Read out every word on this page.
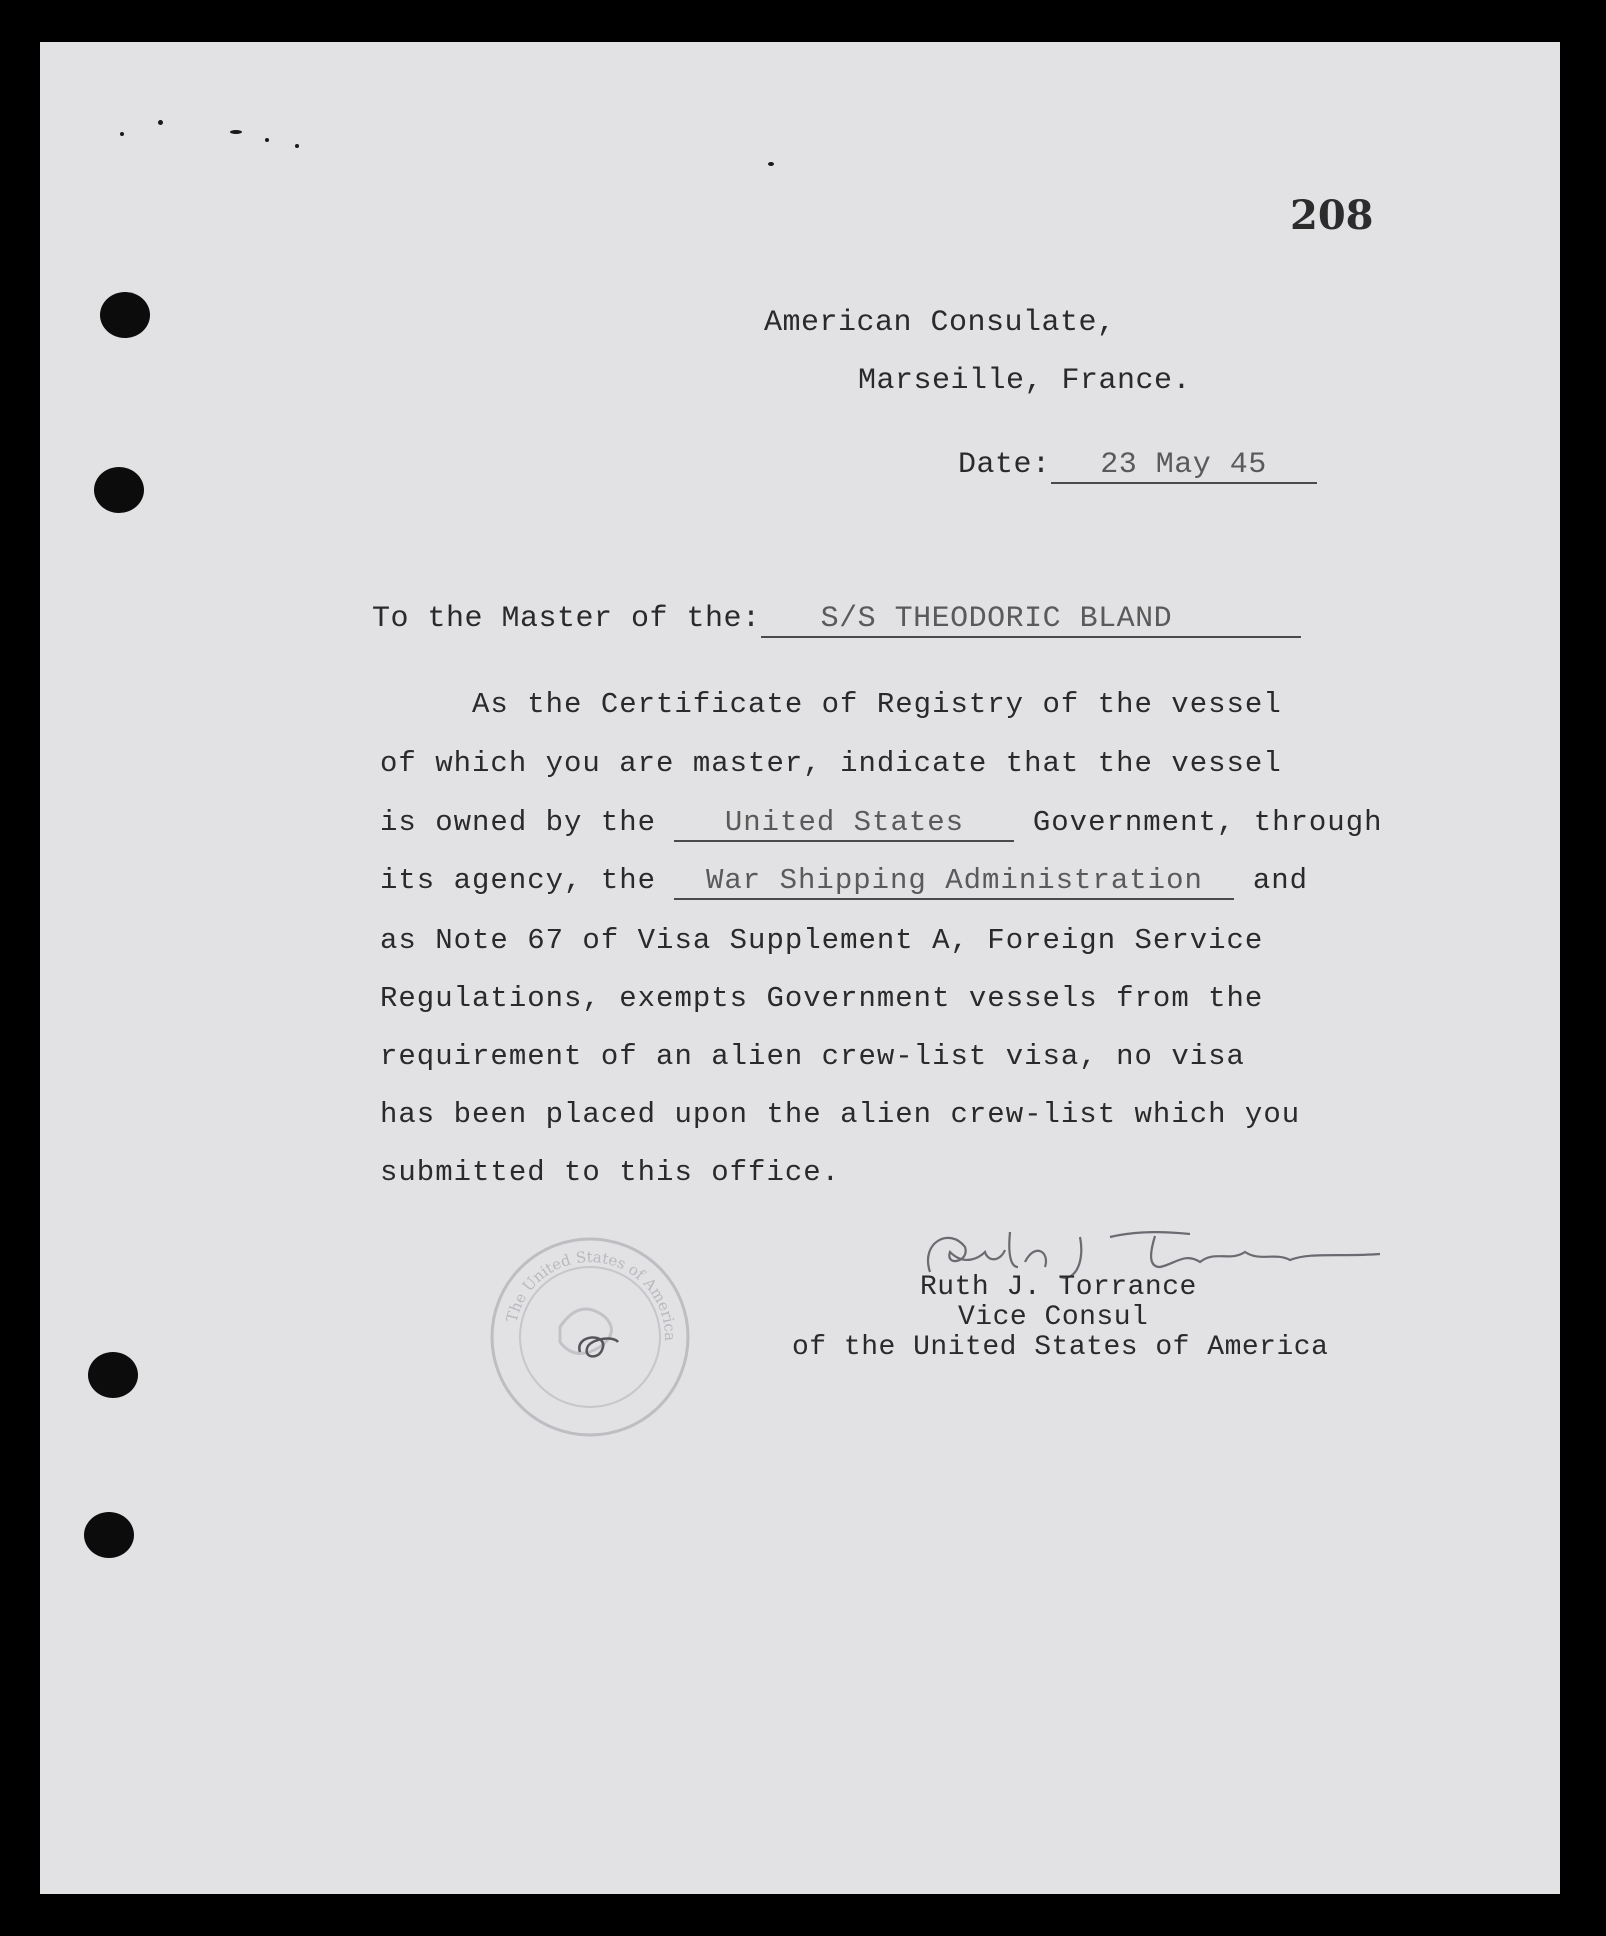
208
American Consulate,
Marseille, France.
Date: 23 May 45
To the Master of the: S/S THEODORIC BLAND
As the Certificate of Registry of the vessel
of which you are master, indicate that the vessel
is owned by the United States Government, through
its agency, the War Shipping Administration and
as Note 67 of Visa Supplement A, Foreign Service
Regulations, exempts Government vessels from the
requirement of an alien crew-list visa, no visa
has been placed upon the alien crew-list which you
submitted to this office.
The United States of America
Ruth J. Torrance
Vice Consul
of the United States of America
